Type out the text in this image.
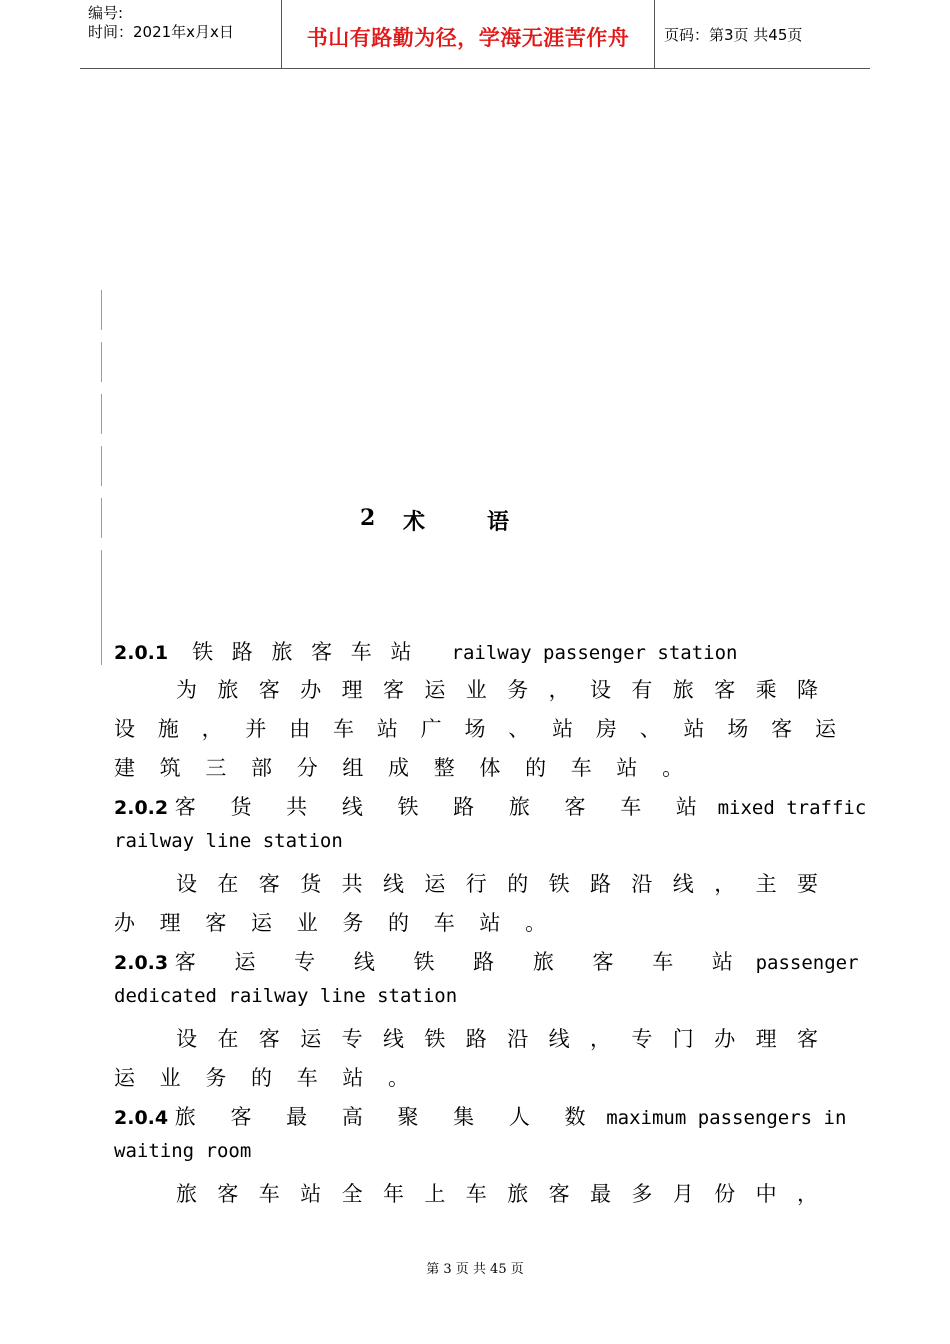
编号:
时间：2021年x月x日	书山有路勤为径，学海无涯苦作舟	页码：第3页 共45页
2 术	语
2.0.1 铁 路 旅 客 车 站 railway passenger station
为 旅 客 办 理 客 运 业 务 ， 设 有 旅 客 乘 降
设 施 ， 并 由 车 站 广 场 、 站 房 、 站 场 客 运
建 筑 三 部 分 组 成 整 体 的 车 站 。
2.0.2 客 货 共 线 铁 路 旅 客 车 站 mixed traffic
railway line station
设 在 客 货 共 线 运 行 的 铁 路 沿 线 ， 主 要
办 理 客 运 业 务 的 车 站 。
2.0.3 客 运 专 线 铁 路 旅 客 车 站 passenger
dedicated railway line station
设 在 客 运 专 线 铁 路 沿 线 ， 专 门 办 理 客
运 业 务 的 车 站 。
2.0.4 旅 客 最 高 聚 集 人 数 maximum passengers in
waiting room
旅 客 车 站 全 年 上 车 旅 客 最 多 月 份 中 ，
第 3 页 共 45 页
